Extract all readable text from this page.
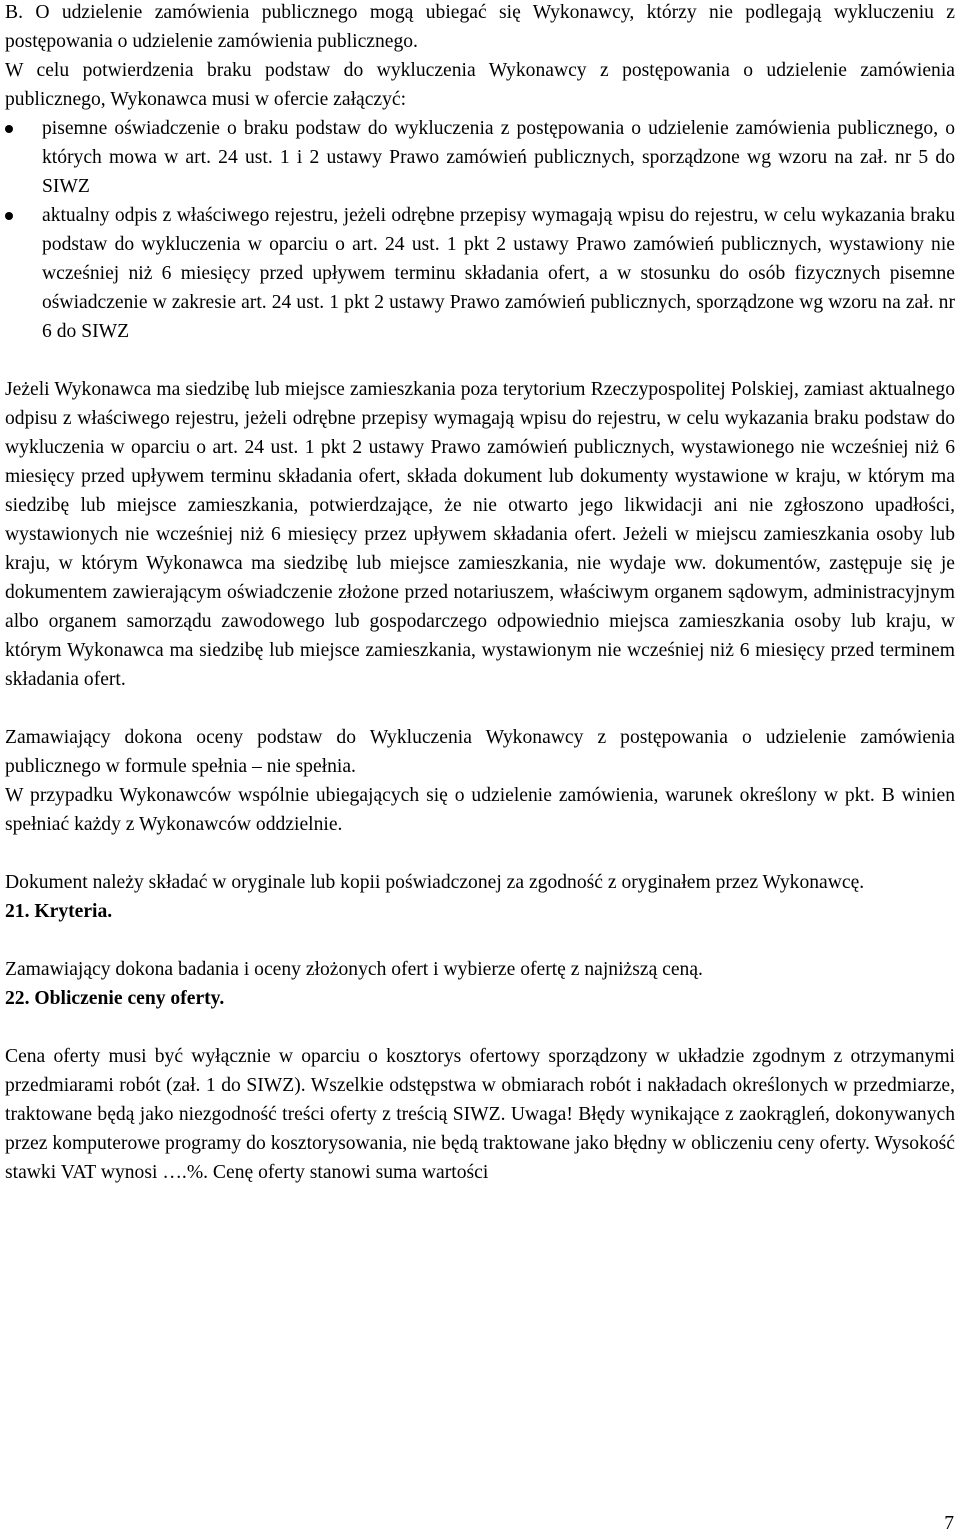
B. O udzielenie zamówienia publicznego mogą ubiegać się Wykonawcy, którzy nie podlegają wykluczeniu z postępowania o udzielenie zamówienia publicznego.

W celu potwierdzenia braku podstaw do wykluczenia Wykonawcy z postępowania o udzielenie zamówienia publicznego, Wykonawca musi w ofercie załączyć:

pisemne oświadczenie o braku podstaw do wykluczenia z postępowania o udzielenie zamówienia publicznego, o których mowa w art. 24 ust. 1 i 2 ustawy Prawo zamówień publicznych, sporządzone wg wzoru na zał. nr 5 do SIWZ
aktualny odpis z właściwego rejestru, jeżeli odrębne przepisy wymagają wpisu do rejestru, w celu wykazania braku podstaw do wykluczenia w oparciu o art. 24 ust. 1 pkt 2 ustawy Prawo zamówień publicznych, wystawiony nie wcześniej niż 6 miesięcy przed upływem terminu składania ofert, a w stosunku do osób fizycznych pisemne oświadczenie w zakresie art. 24 ust. 1 pkt 2 ustawy Prawo zamówień publicznych, sporządzone wg wzoru na zał. nr 6 do SIWZ

Jeżeli Wykonawca ma siedzibę lub miejsce zamieszkania poza terytorium Rzeczypospolitej Polskiej, zamiast aktualnego odpisu z właściwego rejestru, jeżeli odrębne przepisy wymagają wpisu do rejestru, w celu wykazania braku podstaw do wykluczenia w oparciu o art. 24 ust. 1 pkt 2 ustawy Prawo zamówień publicznych, wystawionego nie wcześniej niż 6 miesięcy przed upływem terminu składania ofert, składa dokument lub dokumenty wystawione w kraju, w którym ma siedzibę lub miejsce zamieszkania, potwierdzające, że nie otwarto jego likwidacji ani nie zgłoszono upadłości, wystawionych nie wcześniej niż 6 miesięcy przez upływem składania ofert. Jeżeli w miejscu zamieszkania osoby lub kraju, w którym Wykonawca ma siedzibę lub miejsce zamieszkania, nie wydaje ww. dokumentów, zastępuje się je dokumentem zawierającym oświadczenie złożone przed notariuszem, właściwym organem sądowym, administracyjnym albo organem samorządu zawodowego lub gospodarczego odpowiednio miejsca zamieszkania osoby lub kraju, w którym Wykonawca ma siedzibę lub miejsce zamieszkania, wystawionym nie wcześniej niż 6 miesięcy przed terminem składania ofert.

Zamawiający dokona oceny podstaw do Wykluczenia Wykonawcy z postępowania o udzielenie zamówienia publicznego w formule spełnia – nie spełnia.

W przypadku Wykonawców wspólnie ubiegających się o udzielenie zamówienia, warunek określony w pkt. B winien spełniać każdy z Wykonawców oddzielnie.

Dokument należy składać w oryginale lub kopii poświadczonej za zgodność z oryginałem przez Wykonawcę.

21. Kryteria.

Zamawiający dokona badania i oceny złożonych ofert i wybierze ofertę z najniższą ceną.

22. Obliczenie ceny oferty.

Cena oferty musi być wyłącznie w oparciu o kosztorys ofertowy sporządzony w układzie zgodnym z otrzymanymi przedmiarami robót (zał. 1 do SIWZ). Wszelkie odstępstwa w obmiarach robót i nakładach określonych w przedmiarze, traktowane będą jako niezgodność treści oferty z treścią SIWZ. Uwaga! Błędy wynikające z zaokrągleń, dokonywanych przez komputerowe programy do kosztorysowania, nie będą traktowane jako błędny w obliczeniu ceny oferty. Wysokość stawki VAT wynosi ….%. Cenę oferty stanowi suma wartości

7
